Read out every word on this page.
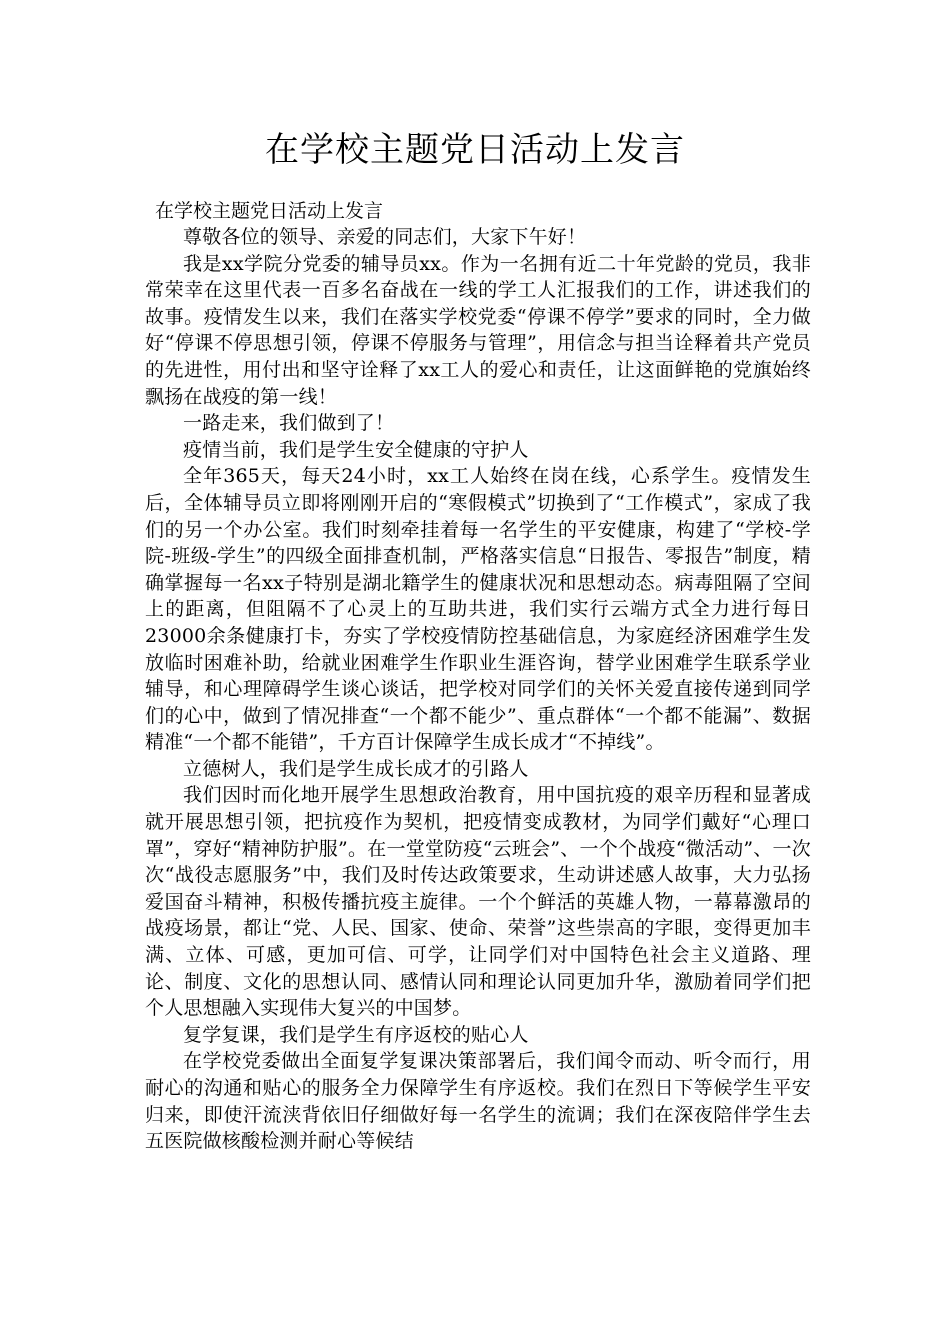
在学校主题党日活动上发言

在学校主题党日活动上发言

尊敬各位的领导、亲爱的同志们，大家下午好！

我是xx学院分党委的辅导员xx。作为一名拥有近二十年党龄的党员，我非常荣幸在这里代表一百多名奋战在一线的学工人汇报我们的工作，讲述我们的故事。疫情发生以来，我们在落实学校党委“停课不停学”要求的同时，全力做好“停课不停思想引领，停课不停服务与管理”，用信念与担当诠释着共产党员的先进性，用付出和坚守诠释了xx工人的爱心和责任，让这面鲜艳的党旗始终飘扬在战疫的第一线！

一路走来，我们做到了！

疫情当前，我们是学生安全健康的守护人

全年365天，每天24小时，xx工人始终在岗在线，心系学生。疫情发生后，全体辅导员立即将刚刚开启的“寒假模式”切换到了“工作模式”，家成了我们的另一个办公室。我们时刻牵挂着每一名学生的平安健康，构建了“学校-学院-班级-学生”的四级全面排查机制，严格落实信息“日报告、零报告”制度，精确掌握每一名xx子特别是湖北籍学生的健康状况和思想动态。病毒阻隔了空间上的距离，但阻隔不了心灵上的互助共进，我们实行云端方式全力进行每日23000余条健康打卡，夯实了学校疫情防控基础信息，为家庭经济困难学生发放临时困难补助，给就业困难学生作职业生涯咨询，替学业困难学生联系学业辅导，和心理障碍学生谈心谈话，把学校对同学们的关怀关爱直接传递到同学们的心中，做到了情况排查“一个都不能少”、重点群体“一个都不能漏”、数据精准“一个都不能错”，千方百计保障学生成长成才“不掉线”。

立德树人，我们是学生成长成才的引路人

我们因时而化地开展学生思想政治教育，用中国抗疫的艰辛历程和显著成就开展思想引领，把抗疫作为契机，把疫情变成教材，为同学们戴好“心理口罩”，穿好“精神防护服”。在一堂堂防疫“云班会”、一个个战疫“微活动”、一次次“战役志愿服务”中，我们及时传达政策要求，生动讲述感人故事，大力弘扬爱国奋斗精神，积极传播抗疫主旋律。一个个鲜活的英雄人物，一幕幕激昂的战疫场景，都让“党、人民、国家、使命、荣誉”这些崇高的字眼，变得更加丰满、立体、可感，更加可信、可学，让同学们对中国特色社会主义道路、理论、制度、文化的思想认同、感情认同和理论认同更加升华，激励着同学们把个人思想融入实现伟大复兴的中国梦。

复学复课，我们是学生有序返校的贴心人

在学校党委做出全面复学复课决策部署后，我们闻令而动、听令而行，用耐心的沟通和贴心的服务全力保障学生有序返校。我们在烈日下等候学生平安归来，即使汗流浃背依旧仔细做好每一名学生的流调；我们在深夜陪伴学生去五医院做核酸检测并耐心等候结
